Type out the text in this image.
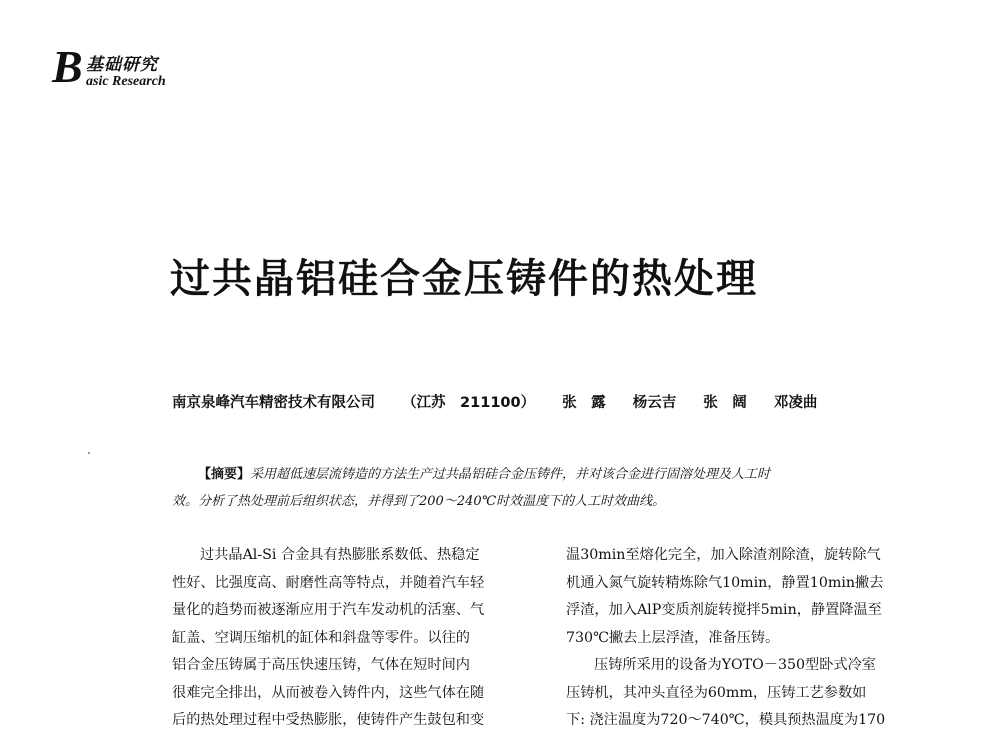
B 基础研究
asic Research
过共晶铝硅合金压铸件的热处理
南京泉峰汽车精密技术有限公司 （江苏　211100） 张　露 杨云吉 张　阔 邓凌曲
【摘要】采用超低速层流铸造的方法生产过共晶铝硅合金压铸件，并对该合金进行固溶处理及人工时
效。分析了热处理前后组织状态，并得到了200～240℃时效温度下的人工时效曲线。
过共晶Al-Si 合金具有热膨胀系数低、热稳定
性好、比强度高、耐磨性高等特点，并随着汽车轻
量化的趋势而被逐渐应用于汽车发动机的活塞、气
缸盖、空调压缩机的缸体和斜盘等零件。以往的
铝合金压铸属于高压快速压铸，气体在短时间内
很难完全排出，从而被卷入铸件内，这些气体在随
后的热处理过程中受热膨胀，使铸件产生鼓包和变
温30min至熔化完全，加入除渣剂除渣，旋转除气
机通入氮气旋转精炼除气10min，静置10min撇去
浮渣，加入AlP变质剂旋转搅拌5min，静置降温至
730℃撇去上层浮渣，准备压铸。
压铸所采用的设备为YOTO－350型卧式冷室
压铸机，其冲头直径为60mm，压铸工艺参数如
下: 浇注温度为720～740℃，模具预热温度为170
